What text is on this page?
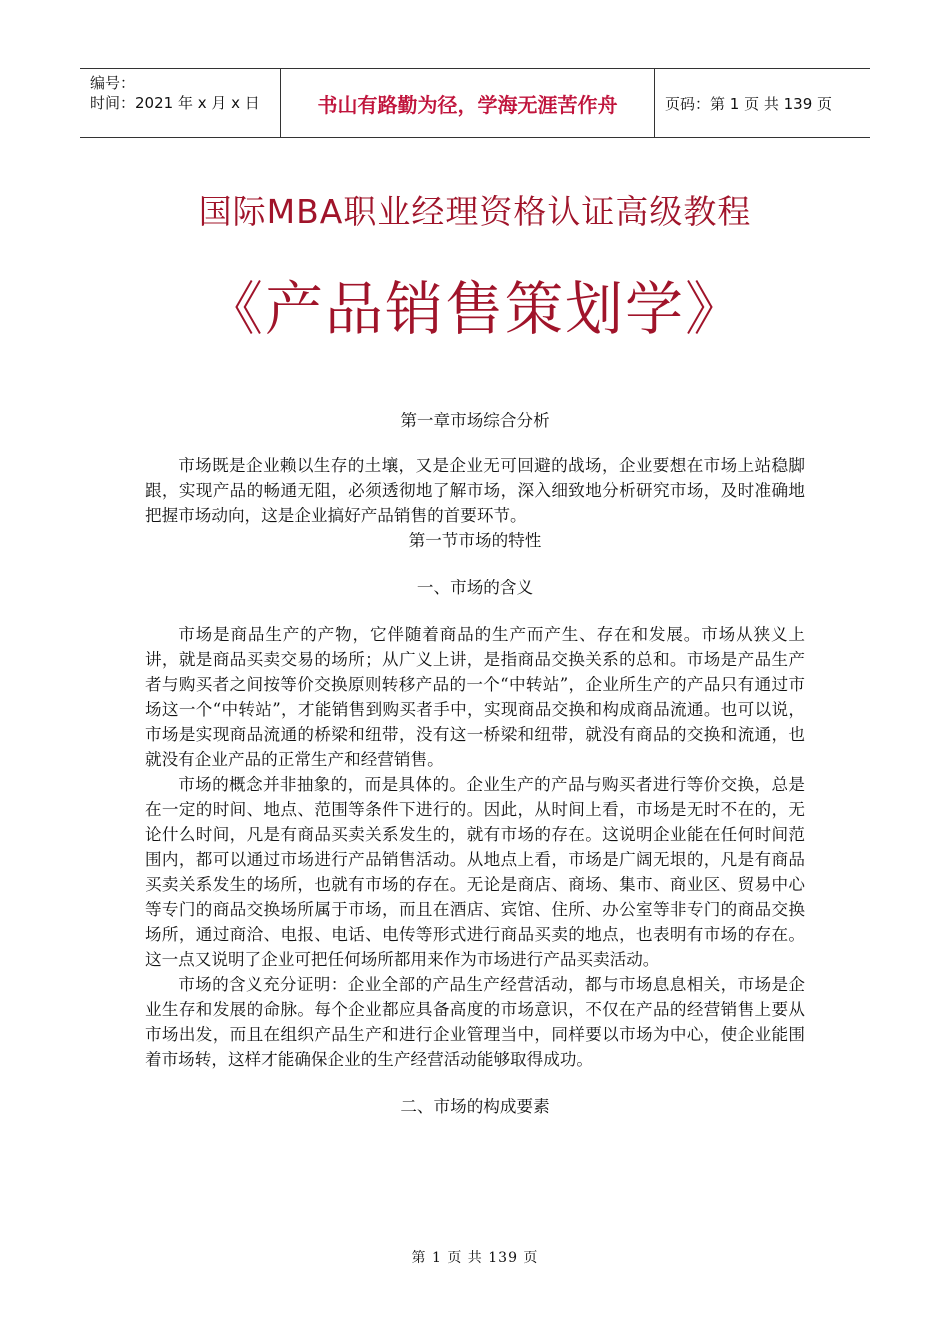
编号：
时间：2021 年 x 月 x 日	书山有路勤为径，学海无涯苦作舟	页码：第 1 页 共 139 页
国际MBA职业经理资格认证高级教程
《产品销售策划学》

第一章市场综合分析

市场既是企业赖以生存的土壤，又是企业无可回避的战场，企业要想在市场上站稳脚跟，实现产品的畅通无阻，必须透彻地了解市场，深入细致地分析研究市场，及时准确地把握市场动向，这是企业搞好产品销售的首要环节。

第一节市场的特性

一、市场的含义

市场是商品生产的产物，它伴随着商品的生产而产生、存在和发展。市场从狭义上讲，就是商品买卖交易的场所；从广义上讲，是指商品交换关系的总和。市场是产品生产者与购买者之间按等价交换原则转移产品的一个“中转站”，企业所生产的产品只有通过市场这一个“中转站”，才能销售到购买者手中，实现商品交换和构成商品流通。也可以说，市场是实现商品流通的桥梁和纽带，没有这一桥梁和纽带，就没有商品的交换和流通，也就没有企业产品的正常生产和经营销售。

市场的概念并非抽象的，而是具体的。企业生产的产品与购买者进行等价交换，总是在一定的时间、地点、范围等条件下进行的。因此，从时间上看，市场是无时不在的，无论什么时间，凡是有商品买卖关系发生的，就有市场的存在。这说明企业能在任何时间范围内，都可以通过市场进行产品销售活动。从地点上看，市场是广阔无垠的，凡是有商品买卖关系发生的场所，也就有市场的存在。无论是商店、商场、集市、商业区、贸易中心等专门的商品交换场所属于市场，而且在酒店、宾馆、住所、办公室等非专门的商品交换场所，通过商洽、电报、电话、电传等形式进行商品买卖的地点，也表明有市场的存在。这一点又说明了企业可把任何场所都用来作为市场进行产品买卖活动。

市场的含义充分证明：企业全部的产品生产经营活动，都与市场息息相关，市场是企业生存和发展的命脉。每个企业都应具备高度的市场意识，不仅在产品的经营销售上要从市场出发，而且在组织产品生产和进行企业管理当中，同样要以市场为中心，使企业能围着市场转，这样才能确保企业的生产经营活动能够取得成功。

二、市场的构成要素

第 1 页 共 139 页
